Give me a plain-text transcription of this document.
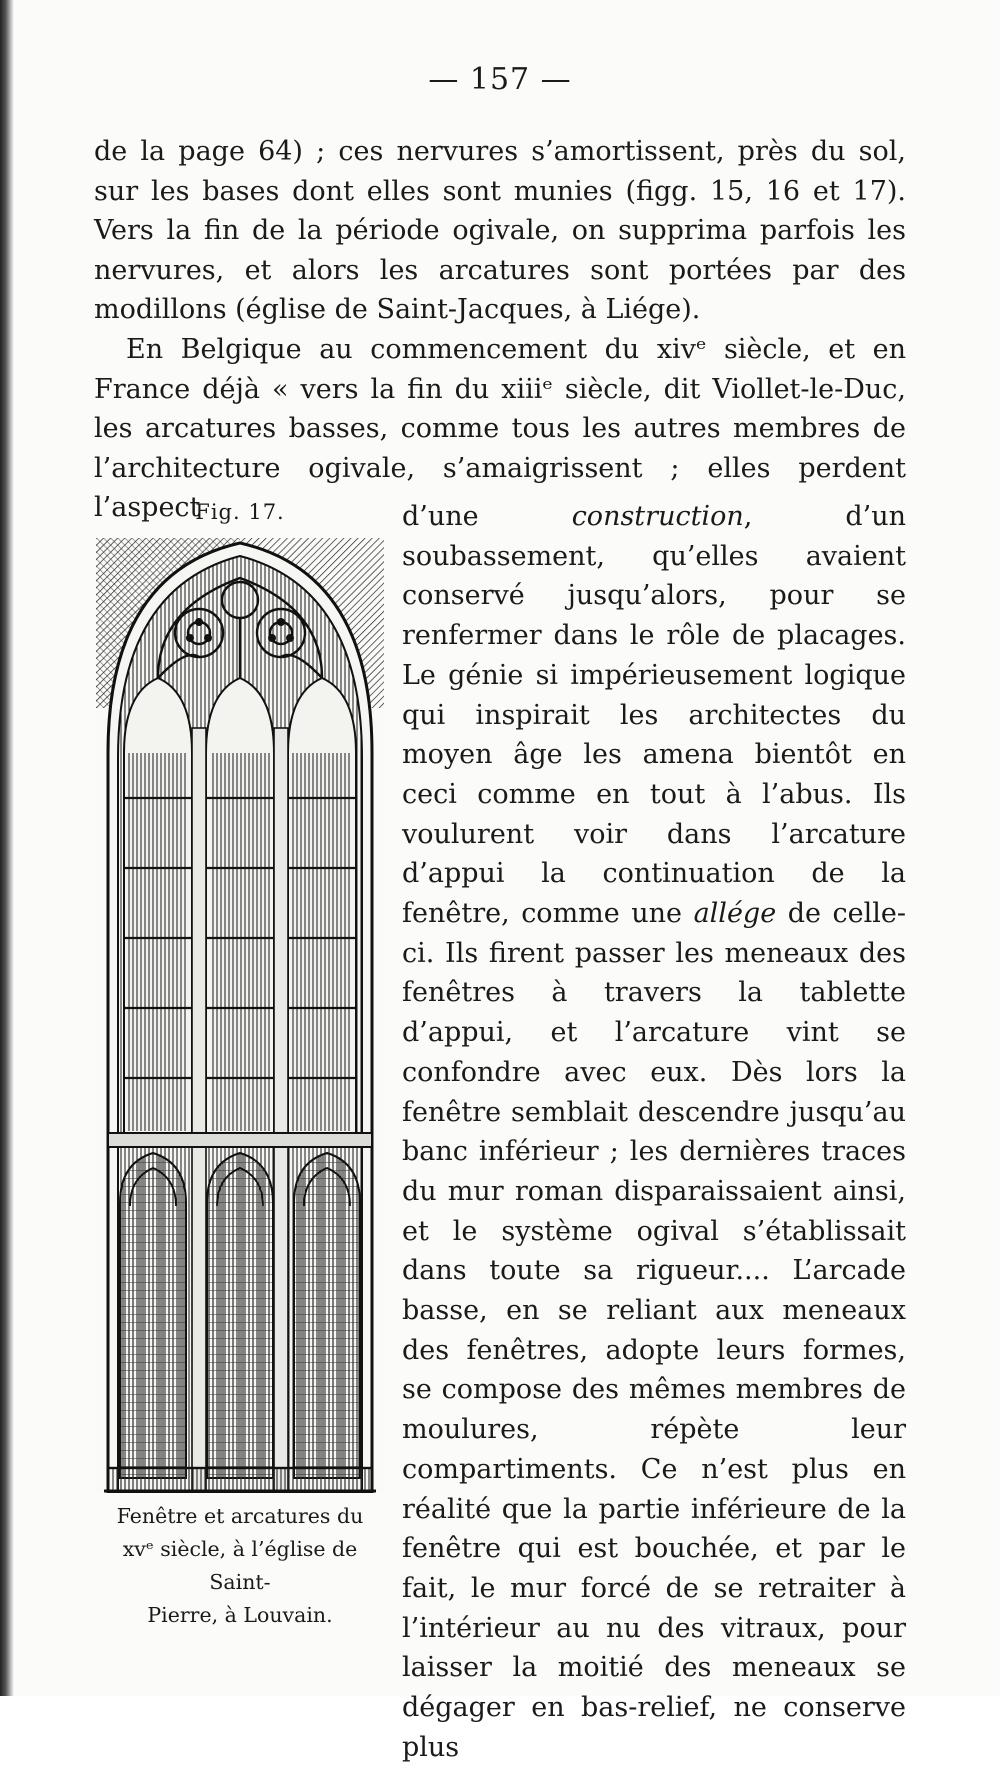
— 157 —

de la page 64) ; ces nervures s’amortissent, près du sol, sur les bases dont elles sont munies (figg. 15, 16 et 17). Vers la fin de la période ogivale, on supprima parfois les nervures, et alors les arcatures sont portées par des modillons (église de Saint-Jacques, à Liége).

En Belgique au commencement du xivᵉ siècle, et en France déjà « vers la fin du xiiiᵉ siècle, dit Viollet-le-Duc, les arcatures basses, comme tous les autres membres de l’architecture ogivale, s’amaigrissent ; elles perdent l’aspect

Fig. 17.
Fenêtre et arcatures du
xvᵉ siècle, à l’église de Saint-
Pierre, à Louvain.

d’une construction, d’un soubassement, qu’elles avaient conservé jusqu’alors, pour se renfermer dans le rôle de placages. Le génie si impérieusement logique qui inspirait les architectes du moyen âge les amena bientôt en ceci comme en tout à l’abus. Ils voulurent voir dans l’arcature d’appui la continuation de la fenêtre, comme une allége de celle-ci. Ils firent passer les meneaux des fenêtres à travers la tablette d’appui, et l’arcature vint se confondre avec eux. Dès lors la fenêtre semblait descendre jusqu’au banc inférieur ; les dernières traces du mur roman disparaissaient ainsi, et le système ogival s’établissait dans toute sa rigueur.... L’arcade basse, en se reliant aux meneaux des fenêtres, adopte leurs formes, se compose des mêmes membres de moulures, répète leur compartiments. Ce n’est plus en réalité que la partie inférieure de la fenêtre qui est bouchée, et par le fait, le mur forcé de se retraiter à l’intérieur au nu des vitraux, pour laisser la moitié des meneaux se dégager en bas-relief, ne conserve plus
